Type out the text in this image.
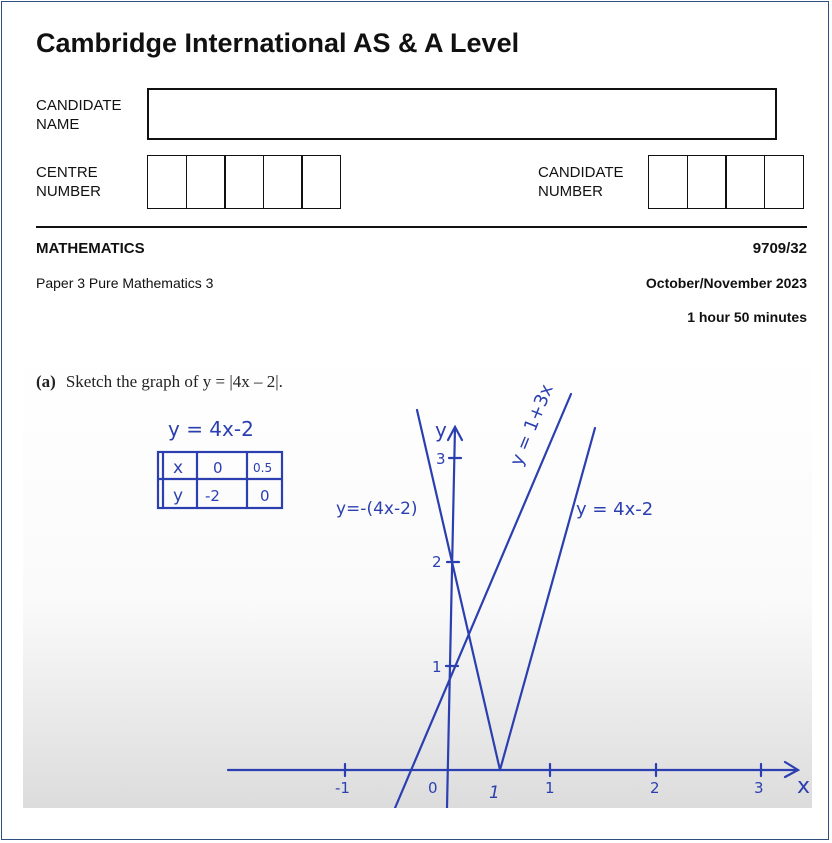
Cambridge International AS & A Level
CANDIDATE
NAME
CENTRE
NUMBER
CANDIDATE
NUMBER
MATHEMATICS	9709/32
Paper 3 Pure Mathematics 3	October/November 2023
1 hour 50 minutes
y = 4x-2
x 0	0.5
y -2	0
y=-(4x-2)	y = 4x-2
y = 1+3x
y
x
-1	0	1	1	2	3
1
2
3
(a) Sketch the graph of y = |4x – 2|.
